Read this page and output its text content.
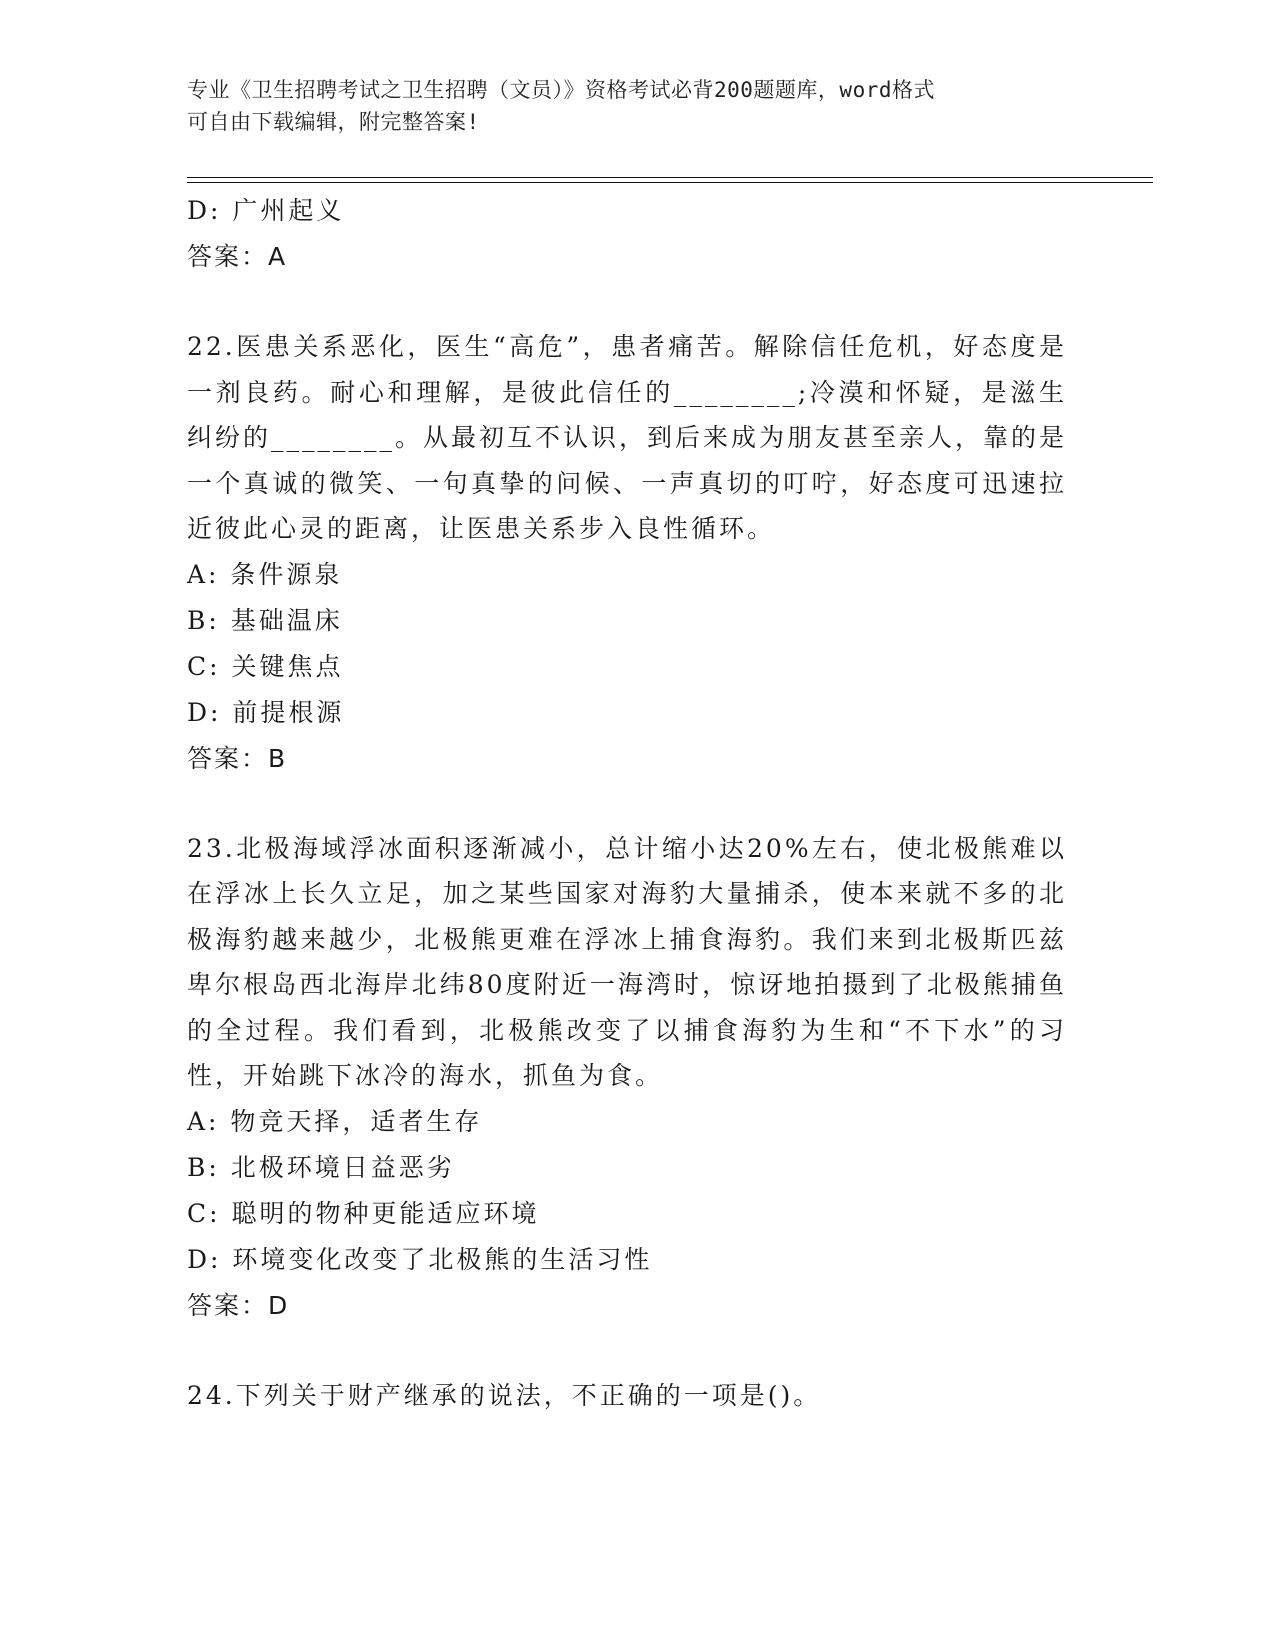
专业《卫生招聘考试之卫生招聘（文员）》资格考试必背200题题库，word格式
可自由下载编辑，附完整答案!
D: 广州起义
答案：A
22.医患关系恶化，医生“高危”，患者痛苦。解除信任危机，好态度是一剂良药。耐心和理解，是彼此信任的________;冷漠和怀疑，是滋生纠纷的________。从最初互不认识，到后来成为朋友甚至亲人，靠的是一个真诚的微笑、一句真挚的问候、一声真切的叮咛，好态度可迅速拉近彼此心灵的距离，让医患关系步入良性循环。
A: 条件源泉
B: 基础温床
C: 关键焦点
D: 前提根源
答案：B
23.北极海域浮冰面积逐渐减小，总计缩小达20%左右，使北极熊难以在浮冰上长久立足，加之某些国家对海豹大量捕杀，使本来就不多的北极海豹越来越少，北极熊更难在浮冰上捕食海豹。我们来到北极斯匹兹卑尔根岛西北海岸北纬80度附近一海湾时，惊讶地拍摄到了北极熊捕鱼的全过程。我们看到，北极熊改变了以捕食海豹为生和“不下水”的习性，开始跳下冰冷的海水，抓鱼为食。
A: 物竞天择，适者生存
B: 北极环境日益恶劣
C: 聪明的物种更能适应环境
D: 环境变化改变了北极熊的生活习性
答案：D
24.下列关于财产继承的说法，不正确的一项是()。
